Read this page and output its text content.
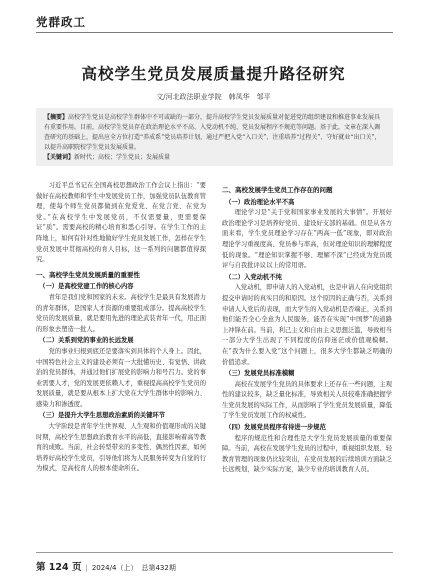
党群政工
高校学生党员发展质量提升路径研究
文/河北政法职业学院　韩凤华　邹平
【摘要】高校学生党员是高校学生群体中不可或缺的一部分，提升高校学生党员发展质量对促进党的组织建设和推进事业发展具有重要作用。目前，高校学生党员存在政治理论水平不高、入党动机不纯、党员发展程序不规范等问题。基于此，文章在深入调查研究的基础上，提出应全方位打造“养成系”党员培养计划，通过严把入党“入口关”、注重培养“过程关”、守好就业“出口关”，以提升高职院校学生党员发展质量。
【关键词】新时代；高校；学生党员；发展质量

习近平总书记在全国高校思想政治工作会议上指出：“要做好在高校教师和学生中发展党员工作，加强党员队伍教育管理，使每个师生党员都做到在党爱党、在党言党、在党为党。”在高校学生中发展党员，不仅需要量，更需要保证“质”。需要高校的精心培育和悉心引导。在学生工作的主阵地上，如何有针对性地做好学生党员发展工作，怎样在学生党员发展中贯彻高校的育人目标，这一系列的问题都值得探究。

一、高校学生党员发展质量的重要性
（一）是高校党建工作的核心内容

青年是我们党和国家的未来。高校学生是最具有发展潜力的青年群体，是国家人才资源的重要组成部分。提高高校学生党员的发展质量，就是要用先进的理论武装青年一代，用正面的形象去塑造一批人。

（二）关系到党的事业的长远发展

党的事业归根到底还是要落实到具体的个人身上。因此，中国特色社会主义的建设必须有一大批懂历史、有觉悟、讲政治的党员群体，并通过他们扩展党的影响力和号召力。党的事业需要人才，党的发展更依赖人才，重视提高高校学生党员的发展质量，就是要从根本上扩大党在大学生群体中的影响力、感染力和渗透度。

（三）是提升大学生思想政治素质的关键环节

大学阶段是青年学生世界观、人生观和价值观形成的关键时期，高校学生思想政治教育水平的高低，直接影响着高等教育的成败。当前，社会转型带来的多变性、偶然性因素，如何培养好高校学生党员，引导他们将为人民服务转变为自觉的行为模式，是高校育人的根本使命所在。

二、高校发展学生党员工作存在的问题
（一）政治理论水平不高

理论学习是“关于党和国家事业发展的大事情”。开展好政治理论学习是培养好党员、建设好支部的基础。但是从各方面来看，学生党员理论学习存在“两高一低”现象，即对政治理论学习重视度高、党员参与率高，但对理论知识的理解程度低的现象。“理论知识掌握不够、理解不深”已经成为党员既评与自我批评议以上的常用语。

（二）入党动机不纯

入党动机，即申请人的入党动机，也是申请人在向党组织提交申请时的真实目的和原因。这个原因的正确与否，关系到申请人入党后的表现，而大学生的入党动机是否端正，关系到他们能否全心全意为人民服务，能否在实现“中国梦”的道路上冲锋在前。当前，利己主义和自由主义思想泛滥，导致相当一部分大学生出现了不同程度的信仰迷茫或价值观模糊。在“我为什么要入党”这个问题上，很多大学生都缺乏明确的价值追求。

（三）发展党员标准模糊

高校在发展学生党员的具体要求上还存在一些问题，主观性的建议较多，缺乏量化标准，导致相关人员较难准确把握学生党员发展的实际工作，从而影响了学生党员发展质量，降低了学生党员发展工作的权威性。

（四）发展党员程序有待进一步规范

程序的规范性和合理性是大学生党员发展质量的重要保障。当前，高校在发展学生党员的过程中，重视组织发展、轻教育管理的现象仍比较突出，在党员发展的后续培训方面缺乏长远规划，缺少实际方案，缺少专业的培训教育人员。

第 124 页 | 2024/4（上） 总第432期
